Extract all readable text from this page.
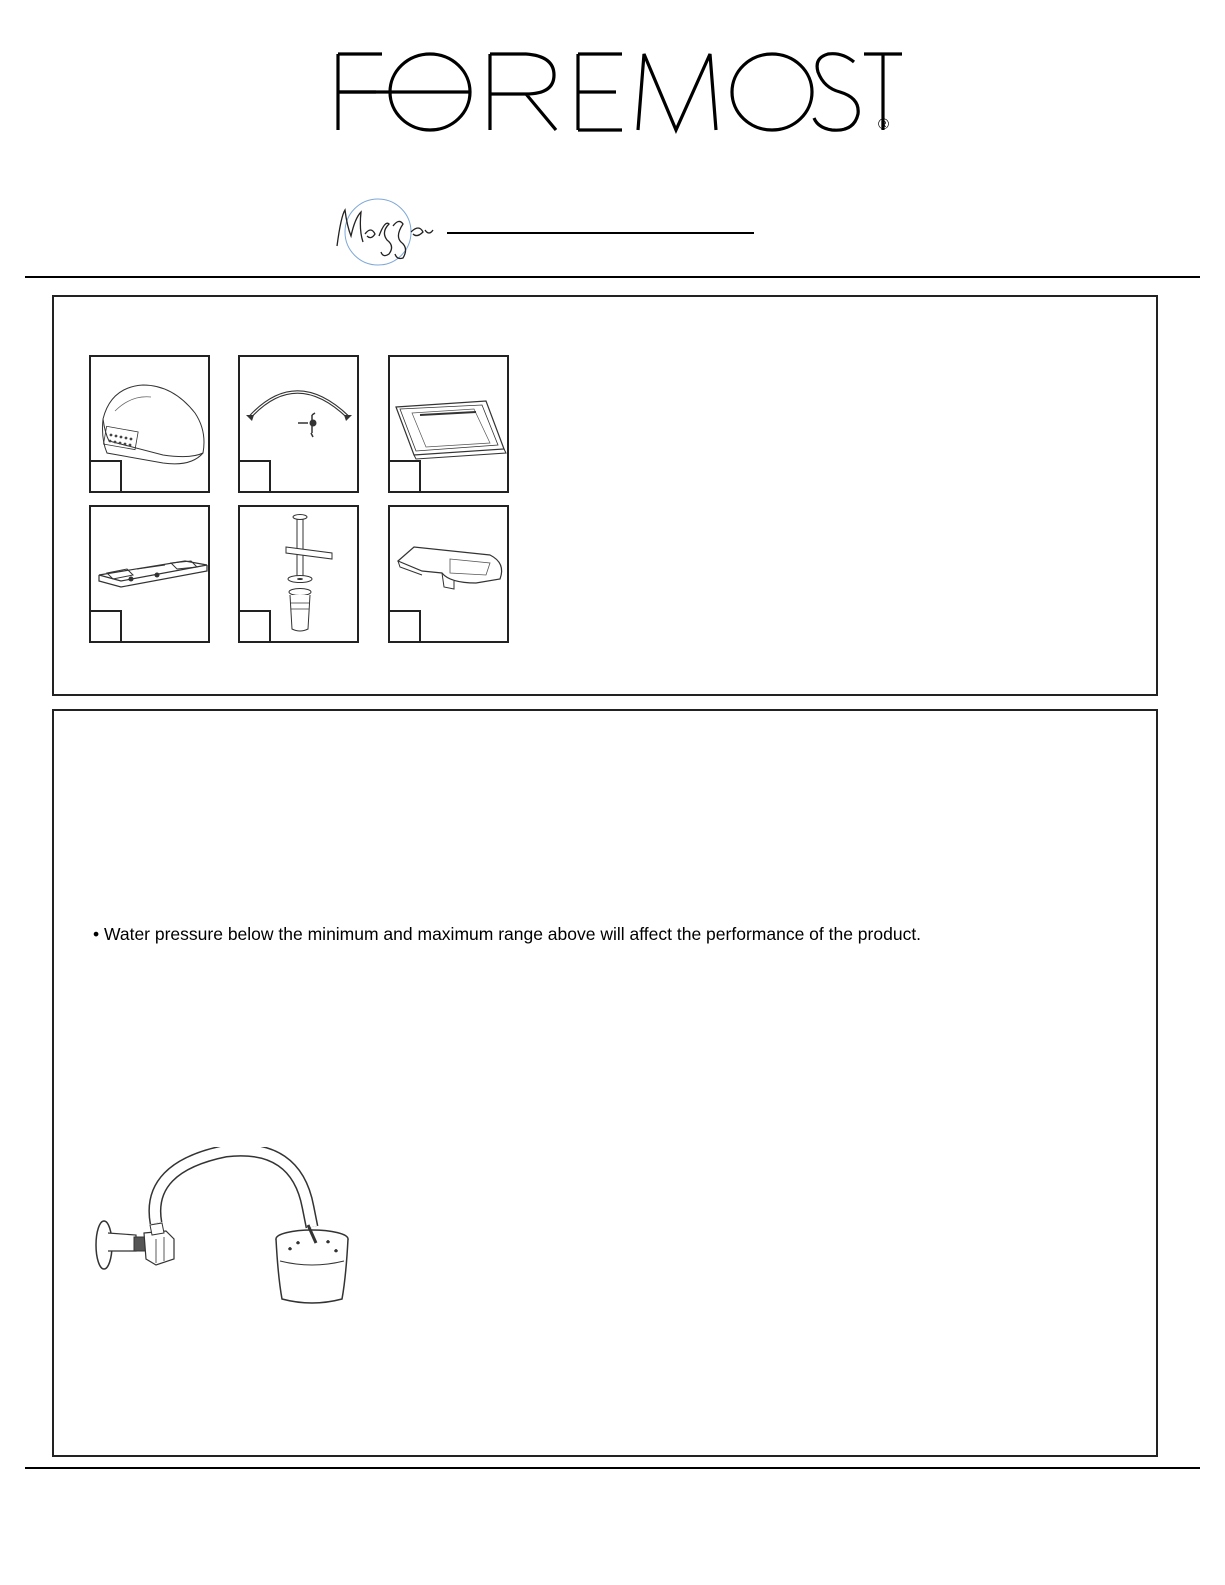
®
• Water pressure below the minimum and maximum range above will affect the performance of the product.
